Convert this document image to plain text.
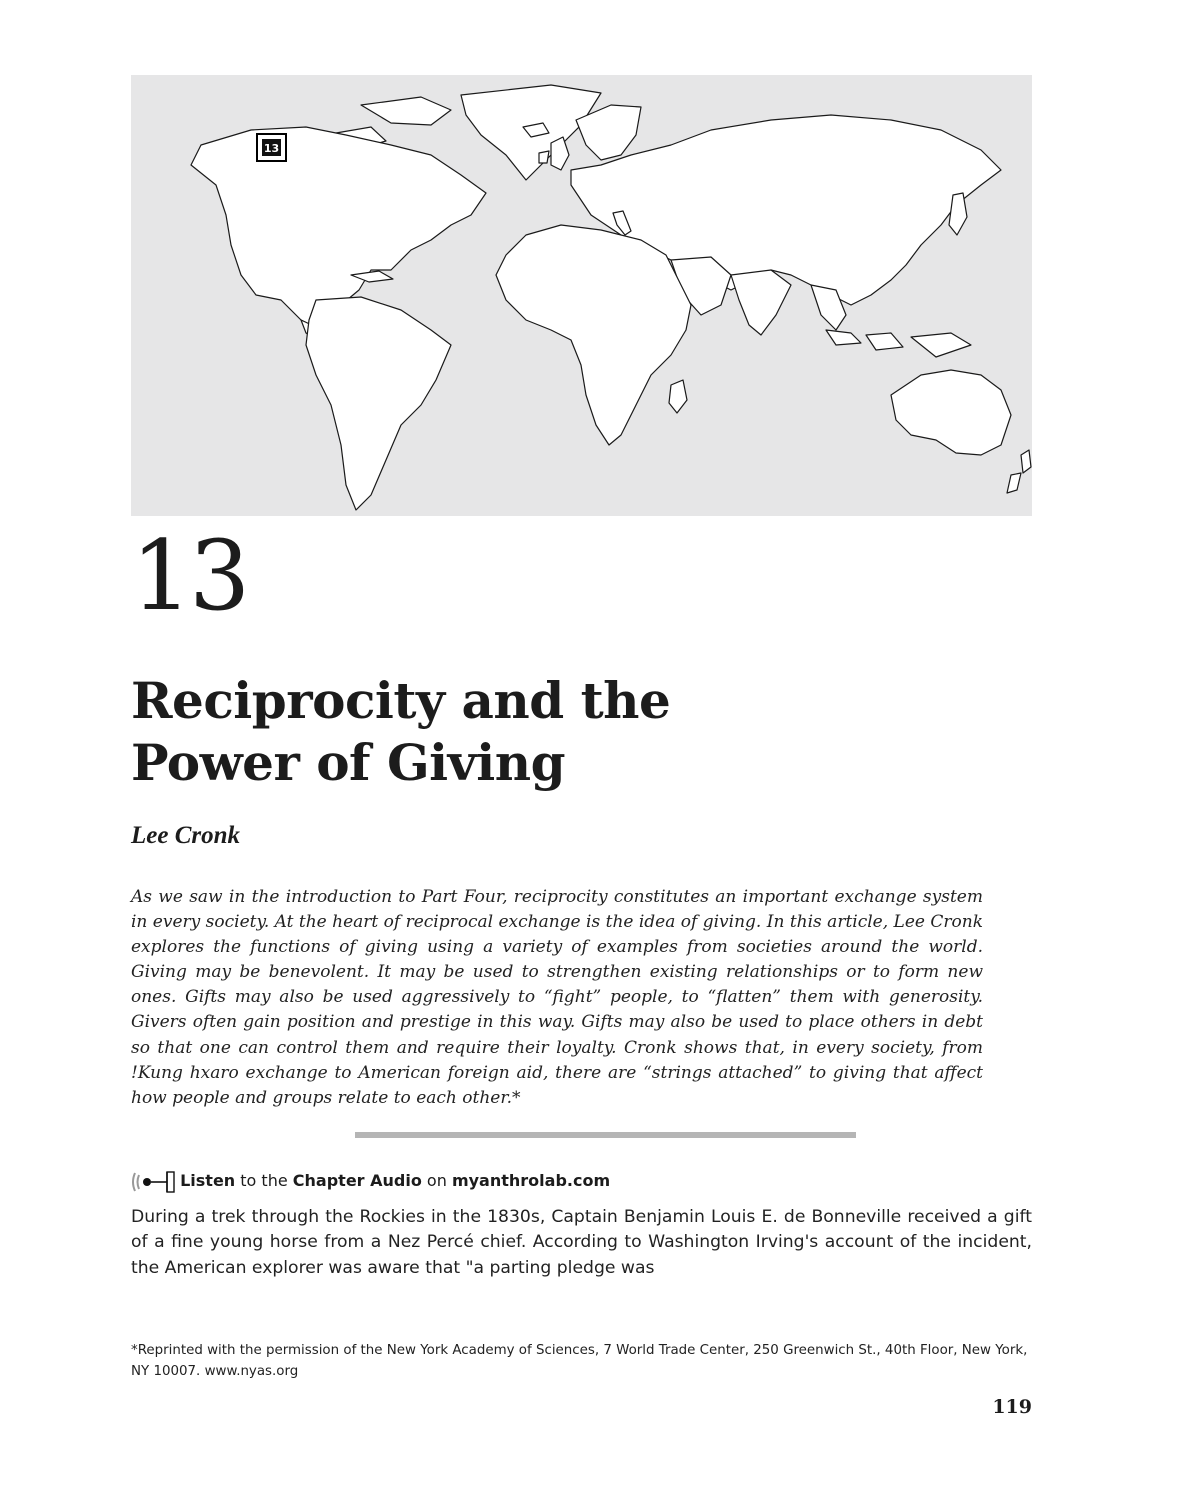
13
13
Reciprocity and the
Power of Giving

Lee Cronk

As we saw in the introduction to Part Four, reciprocity constitutes an important exchange system in every society. At the heart of reciprocal exchange is the idea of giving. In this article, Lee Cronk explores the functions of giving using a variety of examples from societies around the world. Giving may be benevolent. It may be used to strengthen existing relationships or to form new ones. Gifts may also be used aggressively to “fight” people, to “flatten” them with generosity. Givers often gain position and prestige in this way. Gifts may also be used to place others in debt so that one can control them and require their loyalty. Cronk shows that, in every society, from !Kung hxaro exchange to American foreign aid, there are “strings attached” to giving that affect how people and groups relate to each other.*

Listen to the Chapter Audio on myanthrolab.com

During a trek through the Rockies in the 1830s, Captain Benjamin Louis E. de Bonneville received a gift of a fine young horse from a Nez Percé chief. According to Washington Irving's account of the incident, the American explorer was aware that "a parting pledge was

*Reprinted with the permission of the New York Academy of Sciences, 7 World Trade Center, 250 Greenwich St., 40th Floor, New York, NY 10007. www.nyas.org

119
